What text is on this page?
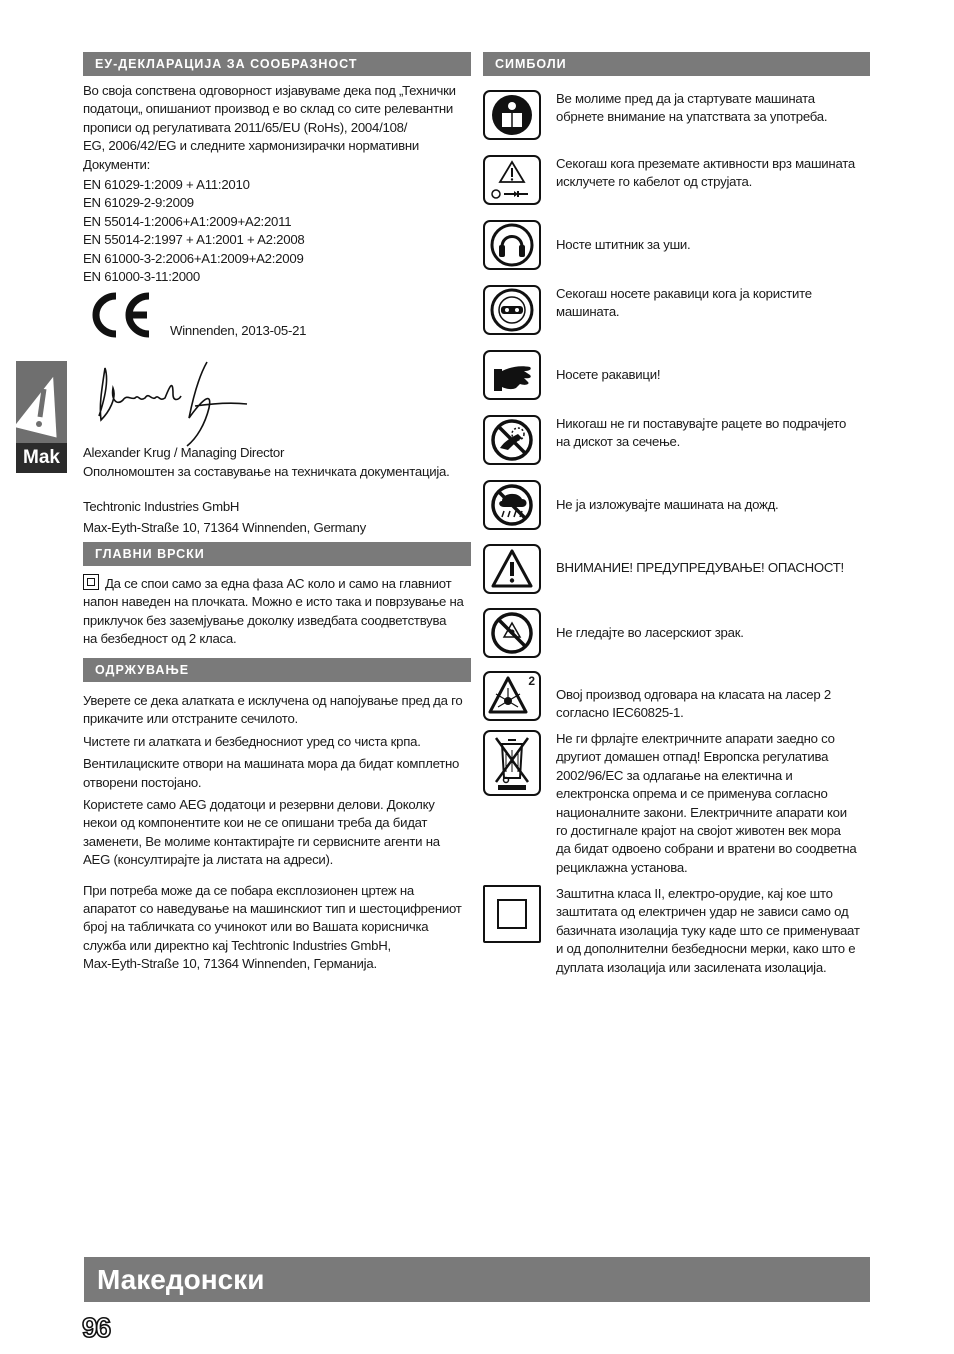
ЕУ-ДЕКЛАРАЦИЈА ЗА СООБРАЗНОСТ
Во своја сопствена одговорност изјавуваме дека под „Технички
податоци„ опишаниот производ е во склад со сите релевантни
прописи од регулативата 2011/65/EU (RoHs), 2004/108/
EG, 2006/42/EG и следните хармонизирачки нормативни
Документи:
EN 61029-1:2009 + A11:2010
EN 61029-2-9:2009
EN 55014-1:2006+A1:2009+A2:2011
EN 55014-2:1997 + A1:2001 + A2:2008
EN 61000-3-2:2006+A1:2009+A2:2009
EN 61000-3-11:2000
Winnenden, 2013-05-21
Alexander Krug / Managing Director
Ополномоштен за составување на техничката документација.
Techtronic Industries GmbH
Max-Eyth-Straße 10, 71364 Winnenden, Germany
ГЛАВНИ ВРСКИ
Да се спои само за една фаза AC коло и само на главниот
напон наведен на плочката. Можно е исто така и поврзување на
приклучок без заземјување доколку изведбата соодветствува
на безбедност од 2 класа.
ОДРЖУВАЊЕ

Уверете се дека алатката е исклучена од напојување пред да го
прикачите или отстраните сечилото.

Чистете ги алатката и безбедносниот уред со чиста крпа.

Вентилациските отвори на машината мора да бидат комплетно
отворени постојано.

Користете само AEG додатоци и резервни делови. Доколку
некои од компонентите кои не се опишани треба да бидат
заменети, Ве молиме контактирајте ги сервисните агенти на
AEG (консултирајте ја листата на адреси).

При потреба може да се побара експлозионен цртеж на
апаратот со наведување на машинскиот тип и шестоцифрениот
број на табличката со учинокот или во Вашата корисничка
служба или директно кај Techtronic Industries GmbH,
Max-Eyth-Straße 10, 71364 Winnenden, Германија.

СИМБОЛИ
Ве молиме пред да ја стартувате машината
обрнете внимание на упатствата за употреба.
Секогаш кога преземате активности врз машината
исклучете го кабелот од струјата.
Носте штитник за уши.
Секогаш носете ракавици кога ја користите
машината.
Носете ракавици!
Никогаш не ги поставувајте рацете во подрачјето
на дискот за сечење.
Не ја изложувајте машината на дожд.
ВНИМАНИЕ! ПРЕДУПРЕДУВАЊЕ! ОПАСНОСТ!
Не гледајте во ласерскиот зрак.
2
Овој производ одговара на класата на ласер 2
согласно IEC60825-1.
Не ги фрлајте електричните апарати заедно со
другиот домашен отпад! Европска регулатива
2002/96/EC за одлагање на електична и
електронска опрема и се применува согласно
националните закони. Електричните апарати кои
го достигнале крајот на својот животен век мора
да бидат одвоено собрани и вратени во соодветна
рециклажна установа.
Заштитна класа II, електро-орудие, кај кое што
заштитата од електричен удар не зависи само од
базичната изолација туку каде што се применуваат
и од дополнителни безбедносни мерки, како што е
дуплата изолација или засилената изолација.
Mak
Македонски
96
